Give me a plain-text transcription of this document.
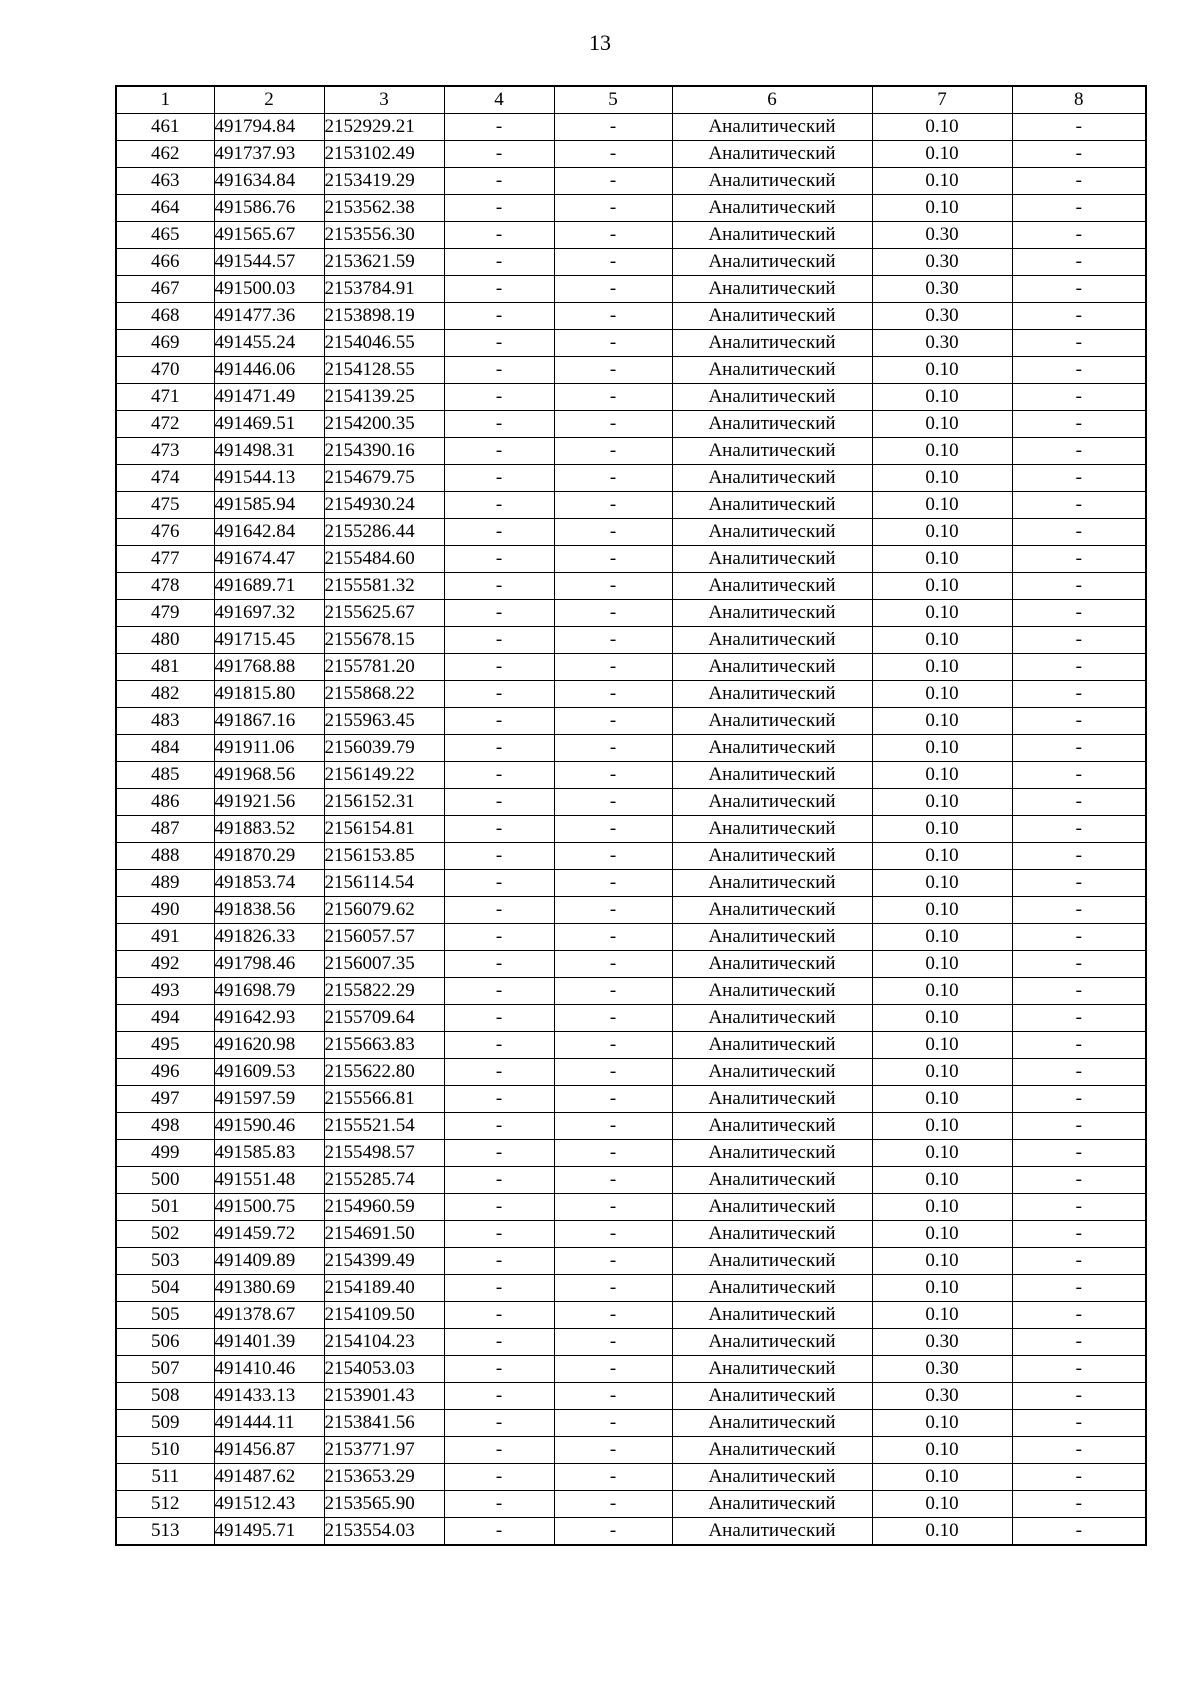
13
1	2	3	4	5	6	7	8
461	491794.84	2152929.21	-	-	Аналитический	0.10	-
462	491737.93	2153102.49	-	-	Аналитический	0.10	-
463	491634.84	2153419.29	-	-	Аналитический	0.10	-
464	491586.76	2153562.38	-	-	Аналитический	0.10	-
465	491565.67	2153556.30	-	-	Аналитический	0.30	-
466	491544.57	2153621.59	-	-	Аналитический	0.30	-
467	491500.03	2153784.91	-	-	Аналитический	0.30	-
468	491477.36	2153898.19	-	-	Аналитический	0.30	-
469	491455.24	2154046.55	-	-	Аналитический	0.30	-
470	491446.06	2154128.55	-	-	Аналитический	0.10	-
471	491471.49	2154139.25	-	-	Аналитический	0.10	-
472	491469.51	2154200.35	-	-	Аналитический	0.10	-
473	491498.31	2154390.16	-	-	Аналитический	0.10	-
474	491544.13	2154679.75	-	-	Аналитический	0.10	-
475	491585.94	2154930.24	-	-	Аналитический	0.10	-
476	491642.84	2155286.44	-	-	Аналитический	0.10	-
477	491674.47	2155484.60	-	-	Аналитический	0.10	-
478	491689.71	2155581.32	-	-	Аналитический	0.10	-
479	491697.32	2155625.67	-	-	Аналитический	0.10	-
480	491715.45	2155678.15	-	-	Аналитический	0.10	-
481	491768.88	2155781.20	-	-	Аналитический	0.10	-
482	491815.80	2155868.22	-	-	Аналитический	0.10	-
483	491867.16	2155963.45	-	-	Аналитический	0.10	-
484	491911.06	2156039.79	-	-	Аналитический	0.10	-
485	491968.56	2156149.22	-	-	Аналитический	0.10	-
486	491921.56	2156152.31	-	-	Аналитический	0.10	-
487	491883.52	2156154.81	-	-	Аналитический	0.10	-
488	491870.29	2156153.85	-	-	Аналитический	0.10	-
489	491853.74	2156114.54	-	-	Аналитический	0.10	-
490	491838.56	2156079.62	-	-	Аналитический	0.10	-
491	491826.33	2156057.57	-	-	Аналитический	0.10	-
492	491798.46	2156007.35	-	-	Аналитический	0.10	-
493	491698.79	2155822.29	-	-	Аналитический	0.10	-
494	491642.93	2155709.64	-	-	Аналитический	0.10	-
495	491620.98	2155663.83	-	-	Аналитический	0.10	-
496	491609.53	2155622.80	-	-	Аналитический	0.10	-
497	491597.59	2155566.81	-	-	Аналитический	0.10	-
498	491590.46	2155521.54	-	-	Аналитический	0.10	-
499	491585.83	2155498.57	-	-	Аналитический	0.10	-
500	491551.48	2155285.74	-	-	Аналитический	0.10	-
501	491500.75	2154960.59	-	-	Аналитический	0.10	-
502	491459.72	2154691.50	-	-	Аналитический	0.10	-
503	491409.89	2154399.49	-	-	Аналитический	0.10	-
504	491380.69	2154189.40	-	-	Аналитический	0.10	-
505	491378.67	2154109.50	-	-	Аналитический	0.10	-
506	491401.39	2154104.23	-	-	Аналитический	0.30	-
507	491410.46	2154053.03	-	-	Аналитический	0.30	-
508	491433.13	2153901.43	-	-	Аналитический	0.30	-
509	491444.11	2153841.56	-	-	Аналитический	0.10	-
510	491456.87	2153771.97	-	-	Аналитический	0.10	-
511	491487.62	2153653.29	-	-	Аналитический	0.10	-
512	491512.43	2153565.90	-	-	Аналитический	0.10	-
513	491495.71	2153554.03	-	-	Аналитический	0.10	-
